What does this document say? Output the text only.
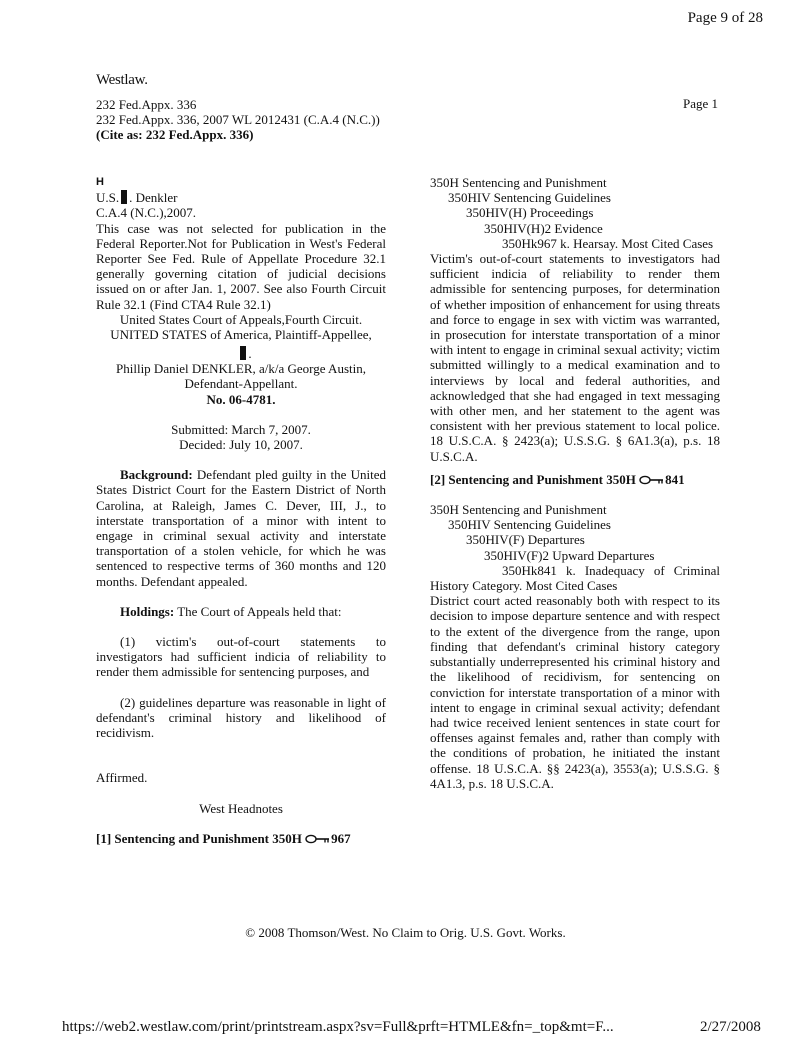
Page 9 of 28
Westlaw.
Page 1
232 Fed.Appx. 336
232 Fed.Appx. 336, 2007 WL 2012431 (C.A.4 (N.C.))
(Cite as: 232 Fed.Appx. 336)
H
U.S. . Denkler
C.A.4 (N.C.),2007.
This case was not selected for publication in the Federal Reporter.Not for Publication in West's Federal Reporter See Fed. Rule of Appellate Procedure 32.1 generally governing citation of judicial decisions issued on or after Jan. 1, 2007. See also Fourth Circuit Rule 32.1 (Find CTA4 Rule 32.1)
United States Court of Appeals,Fourth Circuit.
UNITED STATES of America, Plaintiff-Appellee,
.
Phillip Daniel DENKLER, a/k/a George Austin,
Defendant-Appellant.
No. 06-4781.
Submitted: March 7, 2007.
Decided: July 10, 2007.
Background: Defendant pled guilty in the United States District Court for the Eastern District of North Carolina, at Raleigh, James C. Dever, III, J., to interstate transportation of a minor with intent to engage in criminal sexual activity and interstate transportation of a stolen vehicle, for which he was sentenced to respective terms of 360 months and 120 months. Defendant appealed.
Holdings: The Court of Appeals held that:
(1) victim's out-of-court statements to investigators had sufficient indicia of reliability to render them admissible for sentencing purposes, and
(2) guidelines departure was reasonable in light of defendant's criminal history and likelihood of recidivism.
Affirmed.
West Headnotes
[1] Sentencing and Punishment 350H 967
350H Sentencing and Punishment
350HIV Sentencing Guidelines
350HIV(H) Proceedings
350HIV(H)2 Evidence
350Hk967 k. Hearsay. Most Cited Cases
Victim's out-of-court statements to investigators had sufficient indicia of reliability to render them admissible for sentencing purposes, for determination of whether imposition of enhancement for using threats and force to engage in sex with victim was warranted, in prosecution for interstate transportation of a minor with intent to engage in criminal sexual activity; victim submitted willingly to a medical examination and to interviews by local and federal authorities, and acknowledged that she had engaged in text messaging with other men, and her statement to the agent was consistent with her previous statement to local police. 18 U.S.C.A. § 2423(a); U.S.S.G. § 6A1.3(a), p.s. 18 U.S.C.A.
[2] Sentencing and Punishment 350H 841
350H Sentencing and Punishment
350HIV Sentencing Guidelines
350HIV(F) Departures
350HIV(F)2 Upward Departures
350Hk841 k. Inadequacy of Criminal History Category. Most Cited Cases
District court acted reasonably both with respect to its decision to impose departure sentence and with respect to the extent of the divergence from the range, upon finding that defendant's criminal history category substantially underrepresented his criminal history and the likelihood of recidivism, for sentencing on conviction for interstate transportation of a minor with intent to engage in criminal sexual activity; defendant had twice received lenient sentences in state court for offenses against females and, rather than comply with the conditions of probation, he initiated the instant offense. 18 U.S.C.A. §§ 2423(a), 3553(a); U.S.S.G. § 4A1.3, p.s. 18 U.S.C.A.
© 2008 Thomson/West. No Claim to Orig. U.S. Govt. Works.
https://web2.westlaw.com/print/printstream.aspx?sv=Full&prft=HTMLE&fn=_top&mt=F...	2/27/2008
